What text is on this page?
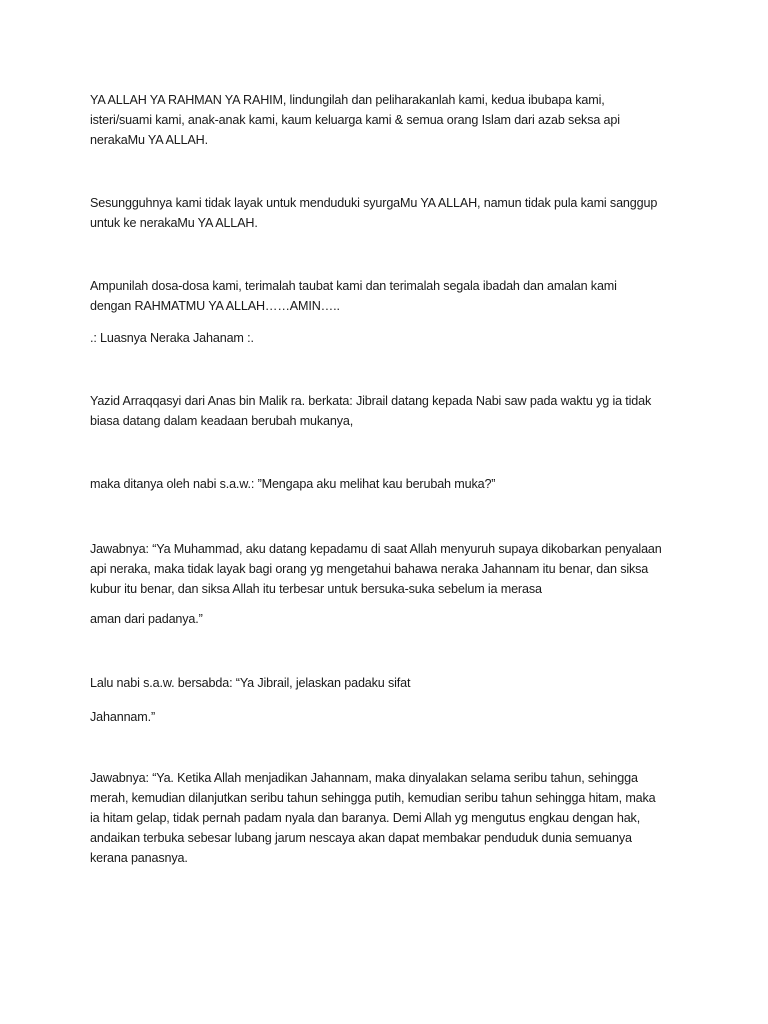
YA ALLAH YA RAHMAN YA RAHIM, lindungilah dan peliharakanlah kami, kedua ibubapa kami,
isteri/suami kami, anak-anak kami, kaum keluarga kami & semua orang Islam dari azab seksa api
nerakaMu YA ALLAH.

Sesungguhnya kami tidak layak untuk menduduki syurgaMu YA ALLAH, namun tidak pula kami sanggup
untuk ke nerakaMu YA ALLAH.

Ampunilah dosa-dosa kami, terimalah taubat kami dan terimalah segala ibadah dan amalan kami
dengan RAHMATMU YA ALLAH……AMIN…..

.: Luasnya Neraka Jahanam :.

Yazid Arraqqasyi dari Anas bin Malik ra. berkata: Jibrail datang kepada Nabi saw pada waktu yg ia tidak
biasa datang dalam keadaan berubah mukanya,

maka ditanya oleh nabi s.a.w.: ”Mengapa aku melihat kau berubah muka?”

Jawabnya: “Ya Muhammad, aku datang kepadamu di saat Allah menyuruh supaya dikobarkan penyalaan
api neraka, maka tidak layak bagi orang yg mengetahui bahawa neraka Jahannam itu benar, dan siksa
kubur itu benar, dan siksa Allah itu terbesar untuk bersuka-suka sebelum ia merasa

aman dari padanya.”

Lalu nabi s.a.w. bersabda: “Ya Jibrail, jelaskan padaku sifat

Jahannam.”

Jawabnya: “Ya. Ketika Allah menjadikan Jahannam, maka dinyalakan selama seribu tahun, sehingga
merah, kemudian dilanjutkan seribu tahun sehingga putih, kemudian seribu tahun sehingga hitam, maka
ia hitam gelap, tidak pernah padam nyala dan baranya. Demi Allah yg mengutus engkau dengan hak,
andaikan terbuka sebesar lubang jarum nescaya akan dapat membakar penduduk dunia semuanya
kerana panasnya.
